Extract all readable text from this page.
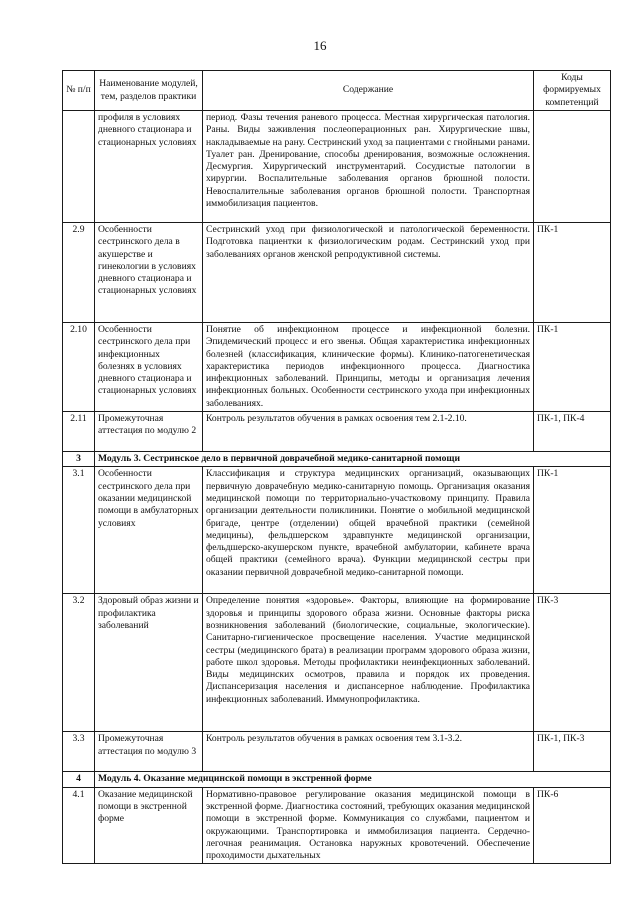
16
№ п/п	Наименование модулей, тем, разделов практики	Содержание	Коды формируемых компетенций
	профиля в условиях дневного стационара и стационарных условиях	период. Фазы течения раневого процесса. Местная хирургическая патология. Раны. Виды заживления послеоперационных ран. Хирургические швы, накладываемые на рану. Сестринский уход за пациентами с гнойными ранами. Туалет ран. Дренирование, способы дренирования, возможные осложнения. Десмургия. Хирургический инструментарий. Сосудистые патологии в хирургии. Воспалительные заболевания органов брюшной полости. Невоспалительные заболевания органов брюшной полости. Транспортная иммобилизация пациентов.	
2.9	Особенности сестринского дела в акушерстве и гинекологии в условиях дневного стационара и стационарных условиях	Сестринский уход при физиологической и патологической беременности. Подготовка пациентки к физиологическим родам. Сестринский уход при заболеваниях органов женской репродуктивной системы.	ПК-1
2.10	Особенности сестринского дела при инфекционных болезнях в условиях дневного стационара и стационарных условиях	Понятие об инфекционном процессе и инфекционной болезни. Эпидемический процесс и его звенья. Общая характеристика инфекционных болезней (классификация, клинические формы). Клинико-патогенетическая характеристика периодов инфекционного процесса. Диагностика инфекционных заболеваний. Принципы, методы и организация лечения инфекционных больных. Особенности сестринского ухода при инфекционных заболеваниях.	ПК-1
2.11	Промежуточная аттестация по модулю 2	Контроль результатов обучения в рамках освоения тем 2.1-2.10.	ПК-1, ПК-4
3	Модуль 3. Сестринское дело в первичной доврачебной медико-санитарной помощи		
3.1	Особенности сестринского дела при оказании медицинской помощи в амбулаторных условиях	Классификация и структура медицинских организаций, оказывающих первичную доврачебную медико-санитарную помощь. Организация оказания медицинской помощи по территориально-участковому принципу. Правила организации деятельности поликлиники. Понятие о мобильной медицинской бригаде, центре (отделении) общей врачебной практики (семейной медицины), фельдшерском здравпункте медицинской организации, фельдшерско-акушерском пункте, врачебной амбулатории, кабинете врача общей практики (семейного врача). Функции медицинской сестры при оказании первичной доврачебной медико-санитарной помощи.	ПК-1
3.2	Здоровый образ жизни и профилактика заболеваний	Определение понятия «здоровье». Факторы, влияющие на формирование здоровья и принципы здорового образа жизни. Основные факторы риска возникновения заболеваний (биологические, социальные, экологические). Санитарно-гигиеническое просвещение населения. Участие медицинской сестры (медицинского брата) в реализации программ здорового образа жизни, работе школ здоровья. Методы профилактики неинфекционных заболеваний. Виды медицинских осмотров, правила и порядок их проведения. Диспансеризация населения и диспансерное наблюдение. Профилактика инфекционных заболеваний. Иммунопрофилактика.	ПК-3
3.3	Промежуточная аттестация по модулю 3	Контроль результатов обучения в рамках освоения тем 3.1-3.2.	ПК-1, ПК-3
4	Модуль 4. Оказание медицинской помощи в экстренной форме		
4.1	Оказание медицинской помощи в экстренной форме	Нормативно-правовое регулирование оказания медицинской помощи в экстренной форме. Диагностика состояний, требующих оказания медицинской помощи в экстренной форме. Коммуникация со службами, пациентом и окружающими. Транспортировка и иммобилизация пациента. Сердечно-легочная реанимация. Остановка наружных кровотечений. Обеспечение проходимости дыхательных	ПК-6
